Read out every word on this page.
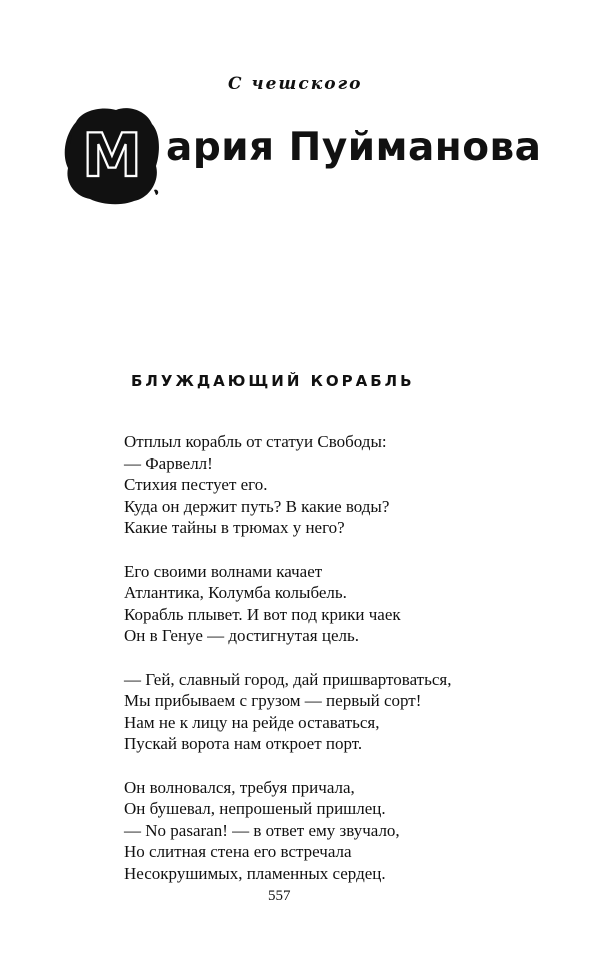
С чешского
М ария Пуйманова
БЛУЖДАЮЩИЙ КОРАБЛЬ
Отплыл корабль от статуи Свободы:
— Фарвелл!
Стихия пестует его.
Куда он держит путь? В какие воды?
Какие тайны в трюмах у него?
Его своими волнами качает
Атлантика, Колумба колыбель.
Корабль плывет. И вот под крики чаек
Он в Генуе — достигнутая цель.
— Гей, славный город, дай пришвартоваться,
Мы прибываем с грузом — первый сорт!
Нам не к лицу на рейде оставаться,
Пускай ворота нам откроет порт.
Он волновался, требуя причала,
Он бушевал, непрошеный пришлец.
— No pasaran! — в ответ ему звучало,
Но слитная стена его встречала
Несокрушимых, пламенных сердец.
557
